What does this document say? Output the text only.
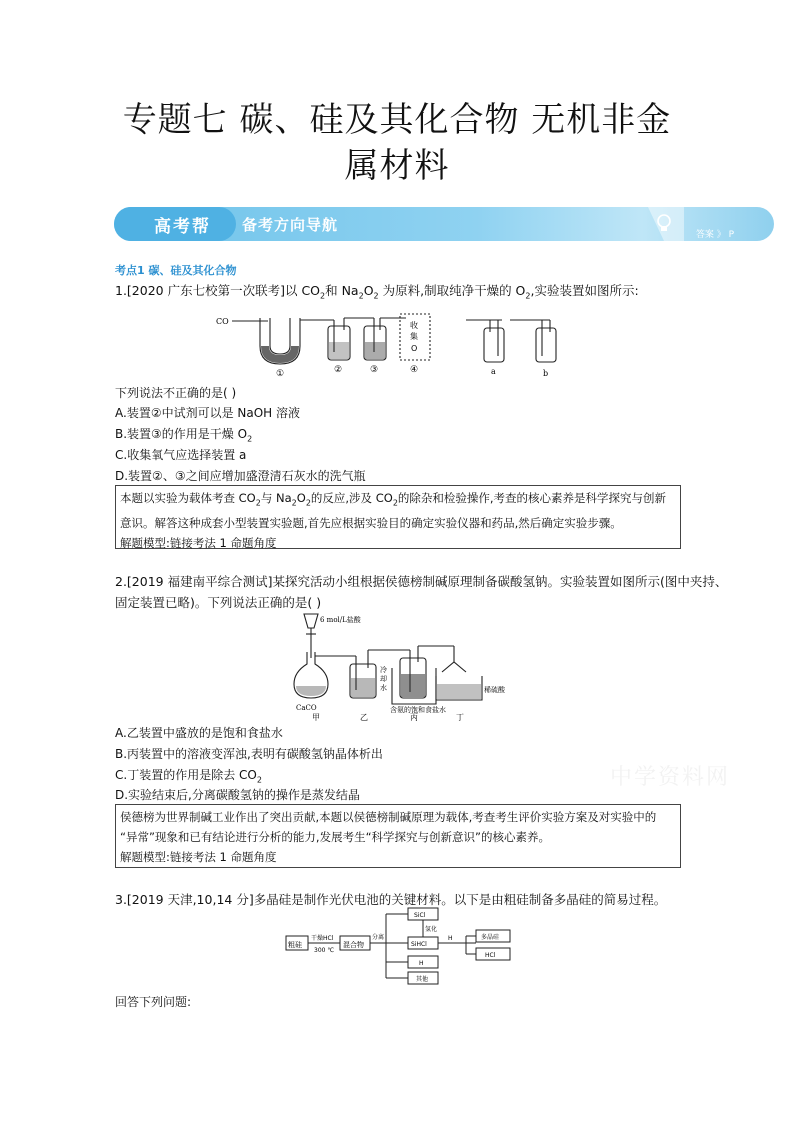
专题七 碳、硅及其化合物 无机非金
属材料
高考帮 备考方向导航
答案 》 P
考点1 碳、硅及其化合物
1.[2020 广东七校第一次联考]以 $CO_2$和 $Na_2O_2$ 为原料,制取纯净干燥的 $O_2$,实验装置如图所示:
CO
①	②	③	④
收
集
O
a	b
下列说法不正确的是( )
A.装置②中试剂可以是 NaOH 溶液
B.装置③的作用是干燥 $O_2$
C.收集氧气应选择装置 a
D.装置②、③之间应增加盛澄清石灰水的洗气瓶
本题以实验为载体考查 $CO_2$与 $Na_2O_2$的反应,涉及 $CO_2$的除杂和检验操作,考查的核心素养是科学探究与创新
意识。解答这种成套小型装置实验题,首先应根据实验目的确定实验仪器和药品,然后确定实验步骤。
解题模型:链接考法 1 命题角度
2.[2019 福建南平综合测试]某探究活动小组根据侯德榜制碱原理制备碳酸氢钠。实验装置如图所示(图中夹持、
固定装置已略)。下列说法正确的是( )
6 mol/L盐酸
CaCO
冷
却
水
含氨的饱和食盐水
稀硫酸
甲	乙	丙	丁
A.乙装置中盛放的是饱和食盐水
B.丙装置中的溶液变浑浊,表明有碳酸氢钠晶体析出
C.丁装置的作用是除去 $CO_2$
D.实验结束后,分离碳酸氢钠的操作是蒸发结晶
侯德榜为世界制碱工业作出了突出贡献,本题以侯德榜制碱原理为载体,考查考生评价实验方案及对实验中的
“异常”现象和已有结论进行分析的能力,发展考生“科学探究与创新意识”的核心素养。
解题模型:链接考法 1 命题角度
3.[2019 天津,10,14 分]多晶硅是制作光伏电池的关键材料。以下是由粗硅制备多晶硅的简易过程。
粗硅
干燥HCl
300 ℃
混合物
分离
SiCl
氢化
SiHCl
H
其他
H	多晶硅
HCl
回答下列问题:
中学资料网
